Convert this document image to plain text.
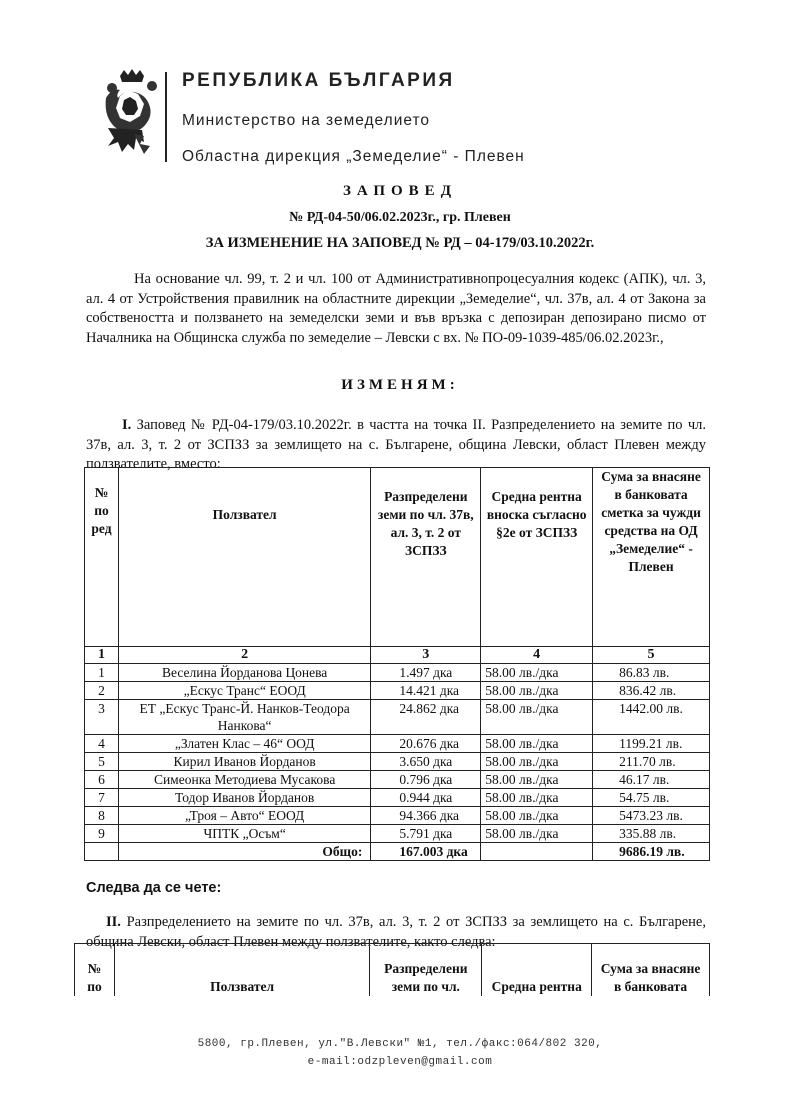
РЕПУБЛИКА БЪЛГАРИЯ
Министерство на земеделието
Областна дирекция „Земеделие“ - Плевен
ЗАПОВЕД
№ РД-04-50/06.02.2023г., гр. Плевен
ЗА ИЗМЕНЕНИЕ НА ЗАПОВЕД № РД – 04-179/03.10.2022г.
На основание чл. 99, т. 2 и чл. 100 от Административнопроцесуалния кодекс (АПК), чл. 3, ал. 4 от Устройствения правилник на областните дирекции „Земеделие“, чл. 37в, ал. 4 от Закона за собствеността и ползването на земеделски земи и във връзка с депозиран депозирано писмо от Началника на Общинска служба по земеделие – Левски с вх. № ПО-09-1039-485/06.02.2023г.,
ИЗМЕНЯМ:
I. Заповед № РД-04-179/03.10.2022г. в частта на точка II. Разпределението на земите по чл. 37в, ал. 3, т. 2 от ЗСПЗЗ за землището на с. Българене, община Левски, област Плевен между ползвателите, вместо:
№ по ред	Ползвател	Разпределени земи по чл. 37в, ал. 3, т. 2 от ЗСПЗЗ	Средна рентна вноска съгласно §2е от ЗСПЗЗ	Сума за внасяне в банковата сметка за чужди средства на ОД „Земеделие“ - Плевен
1	2	3	4	5
1	Веселина Йорданова Цонева	1.497 дка	58.00 лв./дка	86.83 лв.
2	„Ескус Транс“ ЕООД	14.421 дка	58.00 лв./дка	836.42 лв.
3	ЕТ „Ескус Транс-Й. Нанков-Теодора Нанкова“	24.862 дка	58.00 лв./дка	1442.00 лв.
4	„Златен Клас – 46“ ООД	20.676 дка	58.00 лв./дка	1199.21 лв.
5	Кирил Иванов Йорданов	3.650 дка	58.00 лв./дка	211.70 лв.
6	Симеонка Методиева Мусакова	0.796 дка	58.00 лв./дка	46.17 лв.
7	Тодор Иванов Йорданов	0.944 дка	58.00 лв./дка	54.75 лв.
8	„Троя – Авто“ ЕООД	94.366 дка	58.00 лв./дка	5473.23 лв.
9	ЧПТК „Осъм“	5.791 дка	58.00 лв./дка	335.88 лв.
	Общо:	167.003 дка		9686.19 лв.
Следва да се чете:
II. Разпределението на земите по чл. 37в, ал. 3, т. 2 от ЗСПЗЗ за землището на с. Българене, община Левски, област Плевен между ползвателите, както следва:
№ по	Ползвател	Разпределени земи по чл.	Средна рентна	Сума за внасяне в банковата
5800, гр.Плевен, ул."В.Левски" №1, тел./факс:064/802 320,
e-mail:odzpleven@gmail.com
